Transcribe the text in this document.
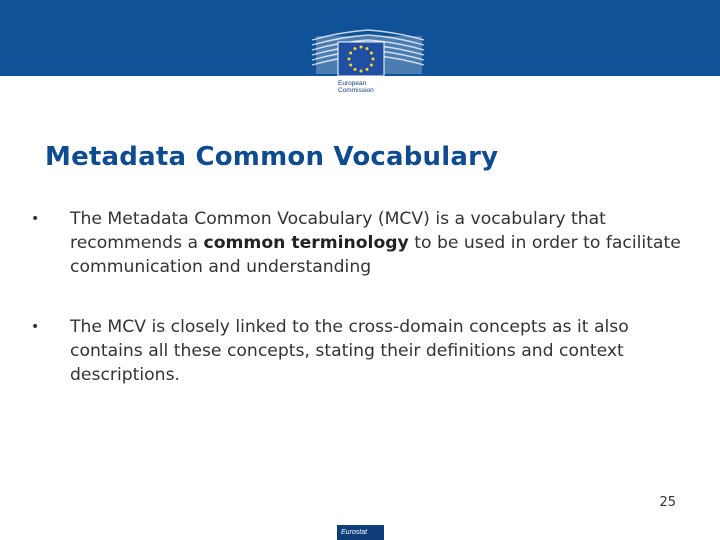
European
Commission
Metadata Common Vocabulary
• The Metadata Common Vocabulary (MCV) is a vocabulary that recommends a common terminology to be used in order to facilitate communication and understanding
• The MCV is closely linked to the cross-domain concepts as it also contains all these concepts, stating their definitions and context descriptions.
25
Eurostat
